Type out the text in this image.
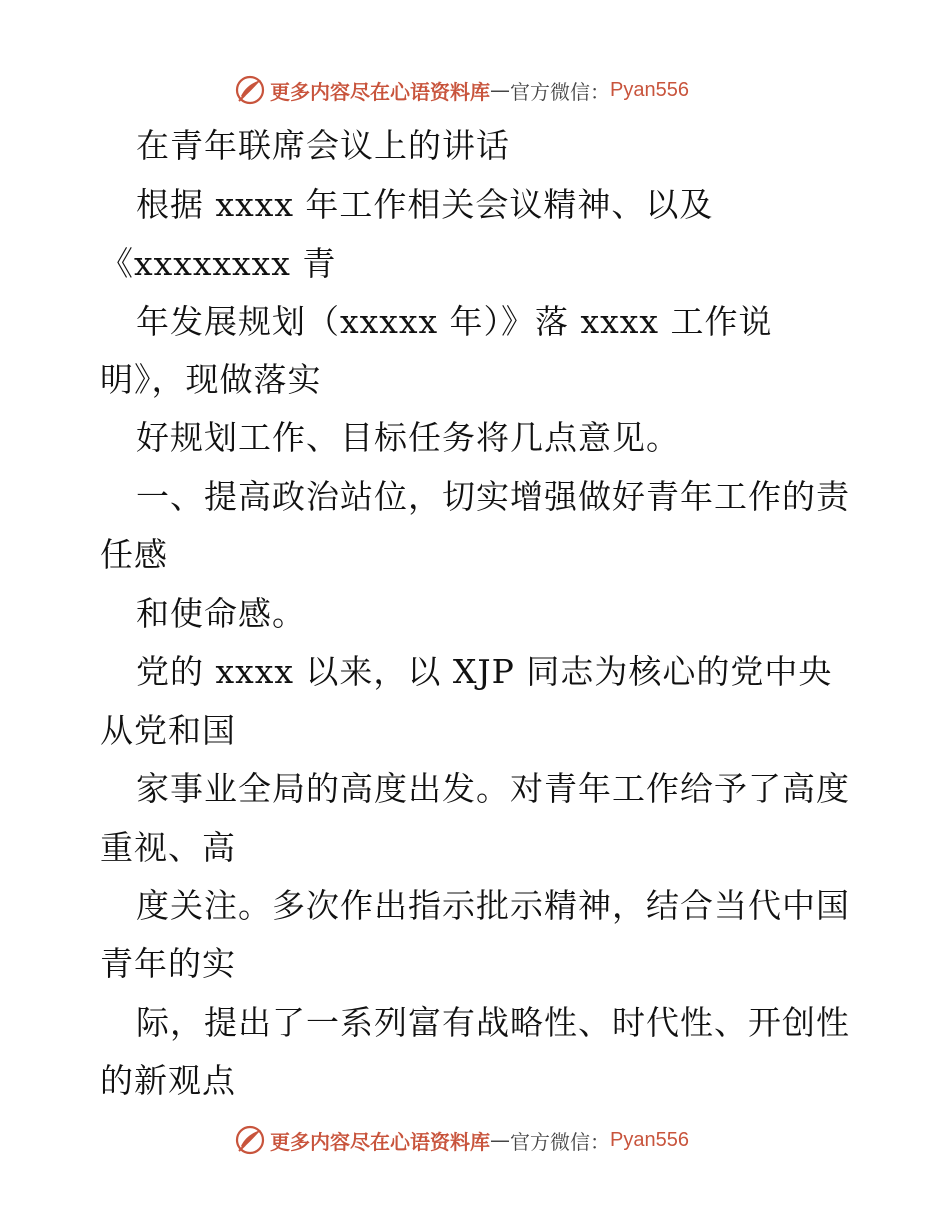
更多内容尽在心语资料库 — 官方微信： Pyan556
在青年联席会议上的讲话
根据 xxxx 年工作相关会议精神、以及
《xxxxxxxx 青
年发展规划（xxxxx 年）》落 xxxx 工作说
明》，现做落实
好规划工作、目标任务将几点意见。
一、提高政治站位，切实增强做好青年工作的责
任感
和使命感。
党的 xxxx 以来，以 XJP 同志为核心的党中央
从党和国
家事业全局的高度出发。对青年工作给予了高度
重视、高
度关注。多次作出指示批示精神，结合当代中国
青年的实
际，提出了一系列富有战略性、时代性、开创性
的新观点
更多内容尽在心语资料库 — 官方微信： Pyan556
